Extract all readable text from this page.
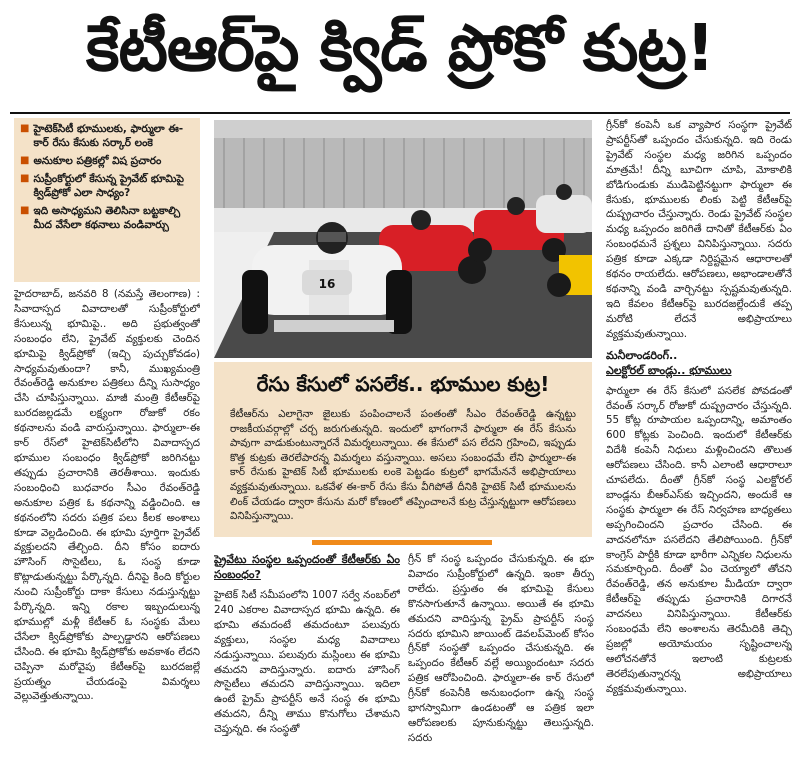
కేటీఆర్‌పై క్విడ్ ప్రోకో కుట్ర!
■ హైటెక్‌సిటీ భూములకు, ఫార్ములా ఈ-కార్ రేసు కేసుకు సర్కార్ లంకె
■ అనుకూల పత్రికల్లో విష ప్రచారం
■ సుప్రీంకోర్టులో కేసున్న ప్రైవేట్ భూమిపై క్విడ్‌ప్రోకో ఎలా సాధ్యం?
■ ఇది అసాధ్యమని తెలిసినా బట్టకాల్చి మీద వేసేలా కథనాలు వండివార్చు

హైదరాబాద్, జనవరి 8 (నమస్తే తెలంగాణ) : సివాదాస్పద వివాదాలతో సుప్రీంకోర్టులో కేసులున్న భూమిపై.. అది ప్రభుత్వంతో సంబంధం లేని, ప్రైవేట్ వ్యక్తులకు చెందిన భూమిపై క్విడ్‌ప్రోకో (ఇచ్చి పుచ్చుకోవడం) సాధ్యమవుతుందా? కానీ, ముఖ్యమంత్రి రేవంత్‌రెడ్డి అనుకూల పత్రికలు దీన్ని సుసాధ్యం చేసి చూపిస్తున్నాయి. మాజీ మంత్రి కేటీఆర్‌పై బురదజల్లడమే లక్ష్యంగా రోజుకో రకం కథనాలను వండి వారుస్తున్నాయి. ఫార్ములా-ఈ కార్ రేస్‌లో హైటెక్‌సిటీలోని వివాదాస్పద భూముల సంబంధం క్విడ్‌ప్రోకో జరిగినట్టు తప్పుడు ప్రచారానికి తెరతీశాయి. ఇందుకు సంబంధించి బుధవారం సీఎం రేవంత్‌రెడ్డి అనుకూల పత్రిక ఓ కథనాన్ని వడ్డించింది. ఆ కథనంలోని సదరు పత్రిక పలు కీలక అంశాలు కూడా వెల్లడించింది. ఈ భూమి పూర్తిగా ప్రైవేట్ వ్యక్తులదని తేల్చింది. దీని కోసం ఐదారు హౌసింగ్ సొసైటీలు, ఓ సంస్థ కూడా కొట్లాడుతున్నట్టు పేర్కొన్నది. దీనిపై కింది కోర్టుల నుంచి సుప్రీంకోర్టు దాకా కేసులు నడుస్తున్నట్టు పేర్కొన్నది. ఇన్ని రకాల ఇబ్బందులున్న భూముల్లో మళ్లీ కేటీఆర్ ఓ సంస్థకు మేలు చేసేలా క్విడ్‌ప్రోకోకు పాల్పడ్డారని ఆరోపణలు చేసింది. ఈ భూమి క్విడ్‌ప్రోకోకు అవకాశం లేదని చెప్పినా మరోవైపు కేటీఆర్‌పై బురదజల్లే ప్రయత్నం చేయడంపై విమర్శలు వెల్లువెత్తుతున్నాయి.

16
రేసు కేసులో పసలేక.. భూముల కుట్ర!
కేటీఆర్‌ను ఎలాగైనా జైలుకు పంపించాలనే పంతంతో సీఎం రేవంత్‌రెడ్డి ఉన్నట్టు రాజకీయవర్గాల్లో చర్చ జరుగుతున్నది. ఇందులో భాగంగానే ఫార్ములా ఈ రేస్ కేసును పావుగా వాడుకుంటున్నారనే విమర్శలున్నాయి. ఈ కేసులో పస లేదని గ్రహించి, ఇప్పుడు కొత్త కుట్రకు తెరలేపారన్న విమర్శలు వస్తున్నాయి. అసలు సంబంధమే లేని ఫార్ములా-ఈ కార్ రేసుకు హైటెక్ సిటీ భూములకు లంకె పెట్టడం కుట్రలో భాగమేననే అభిప్రాయాలు వ్యక్తమవుతున్నాయి. ఒకవేళ ఈ-కార్ రేసు కేసు వీగిపోతే దీనికి హైటెక్ సిటీ భూములను లింక్ చేయడం ద్వారా కేసును మరో కోణంలో తప్పించాలనే కుట్ర చేస్తున్నట్టుగా ఆరోపణలు వినిపిస్తున్నాయి.
ప్రైవేటు సంస్థల ఒప్పందంతో కేటీఆర్‌కు ఏం సంబంధం?

హైటెక్ సిటీ సమీపంలోని 1007 సర్వే నంబర్‌లో 240 ఎకరాల వివాదాస్పద భూమి ఉన్నది. ఈ భూమి తమదంటే తమదంటూ పలువురు వ్యక్తులు, సంస్థల మధ్య వివాదాలు నడుస్తున్నాయి. పలువురు మస్లింలు ఈ భూమి తమదని వాదిస్తున్నారు. ఐదారు హౌసింగ్ సొసైటీలు తమదని వాదిస్తున్నాయి. ఇదిలా ఉంటే ప్రైమ్ ప్రాపర్టీస్ అనే సంస్థ ఈ భూమి తమదని, దీన్ని తాము కొనుగోలు చేశామని చెప్తున్నది. ఈ సంస్థతో

గ్రీన్ కో సంస్థ ఒప్పందం చేసుకున్నది. ఈ భూ వివాదం సుప్రీంకోర్టులో ఉన్నది. ఇంకా తీర్పు రాలేదు. ప్రస్తుతం ఈ భూమిపై కేసులు కొనసాగుతూనే ఉన్నాయి. అయితే ఈ భూమి తమదని వాదిస్తున్న ప్రైమ్ ప్రాపర్టీస్ సంస్థ సదరు భూమిని జాయింట్ డెవలప్‌మెంట్ కోసం గ్రీన్‌కో సంస్థతో ఒప్పందం చేసుకున్నది. ఈ ఒప్పందం కేటీఆర్ వల్లే అయ్యిందంటూ సదరు పత్రిక ఆరోపించింది. ఫార్ములా-ఈ కార్ రేసులో గ్రీన్‌కో కంపెనీకి అనుబంధంగా ఉన్న సంస్థ భాగస్వామిగా ఉండటంతో ఆ పత్రిక ఇలా ఆరోపణలకు పూనుకున్నట్టు తెలుస్తున్నది. సదరు

గ్రీన్‌కో కంపెనీ ఒక వ్యాపార సంస్థగా ప్రైవేట్ ప్రాపర్టీస్‌తో ఒప్పందం చేసుకున్నది. ఇది రెండు ప్రైవేట్ సంస్థల మధ్య జరిగిన ఒప్పందం మాత్రమే! దీన్ని బూచిగా చూపి, మోకాలికి బోడిగుండుకు ముడిపెట్టినట్టుగా ఫార్ములా ఈ కేసుకు, భూములకు లింకు పెట్టి కేటీఆర్‌పై దుష్ప్రచారం చేస్తున్నారు. రెండు ప్రైవేట్ సంస్థల మధ్య ఒప్పందం జరిగితే దానితో కేటీఆర్‌కు ఏం సంబంధమనే ప్రశ్నలు వినిపిస్తున్నాయి. సదరు పత్రిక కూడా ఎక్కడా నిర్దిష్టమైన ఆధారాలతో కథనం రాయలేదు. ఆరోపణలు, అభాండాలతోనే కథనాన్ని వండి వార్చినట్టు స్పష్టమవుతున్నది. ఇది కేవలం కేటీఆర్‌పై బురదజల్లేందుకే తప్ప మరోటి లేదనే అభిప్రాయాలు వ్యక్తమవుతున్నాయి.

మనీలాండరింగ్..
ఎలక్టోరల్ బాండ్లు.. భూములు

ఫార్ములా ఈ రేస్ కేసులో పసలేక పోవడంతో రేవంత్ సర్కార్ రోజుకో దుష్ప్రచారం చేస్తున్నది. 55 కోట్ల రూపాయల ఒప్పందాన్ని, అమాంతం 600 కోట్లకు పెంచింది. ఇందులో కేటీఆర్‌కు విదేశీ కంపెనీ నిధులు మళ్లించిందని తొలుత ఆరోపణలు చేసింది. కానీ ఎలాంటి ఆధారాలూ చూపలేదు. దీంతో గ్రీన్‌కో సంస్థ ఎలక్టోరల్ బాండ్లను బీఆర్‌ఎస్‌కు ఇచ్చిందని, అందుకే ఆ సంస్థకు ఫార్ములా ఈ రేస్ నిర్వహణ బాధ్యతలు అప్పగించిందని ప్రచారం చేసింది. ఈ వాదనలోనూ పసలేదని తేలిపోయింది. గ్రీన్‌కో కాంగ్రెస్ పార్టీకి కూడా భారీగా ఎన్నికల నిధులను సమకూర్చింది. దీంతో ఏం చెయ్యాలో తోచని రేవంత్‌రెడ్డి, తన అనుకూల మీడియా ద్వారా కేటీఆర్‌పై తప్పుడు ప్రచారానికి దిగారనే వాదనలు వినిపిస్తున్నాయి. కేటీఆర్‌కు సంబంధమే లేని అంశాలను తెరమీదికి తెచ్చి ప్రజల్లో అయోమయం సృష్టించాలన్న ఆలోచనతోనే ఇలాంటి కుట్రలకు తెరలేపుతున్నారన్న అభిప్రాయాలు వ్యక్తమవుతున్నాయి.
